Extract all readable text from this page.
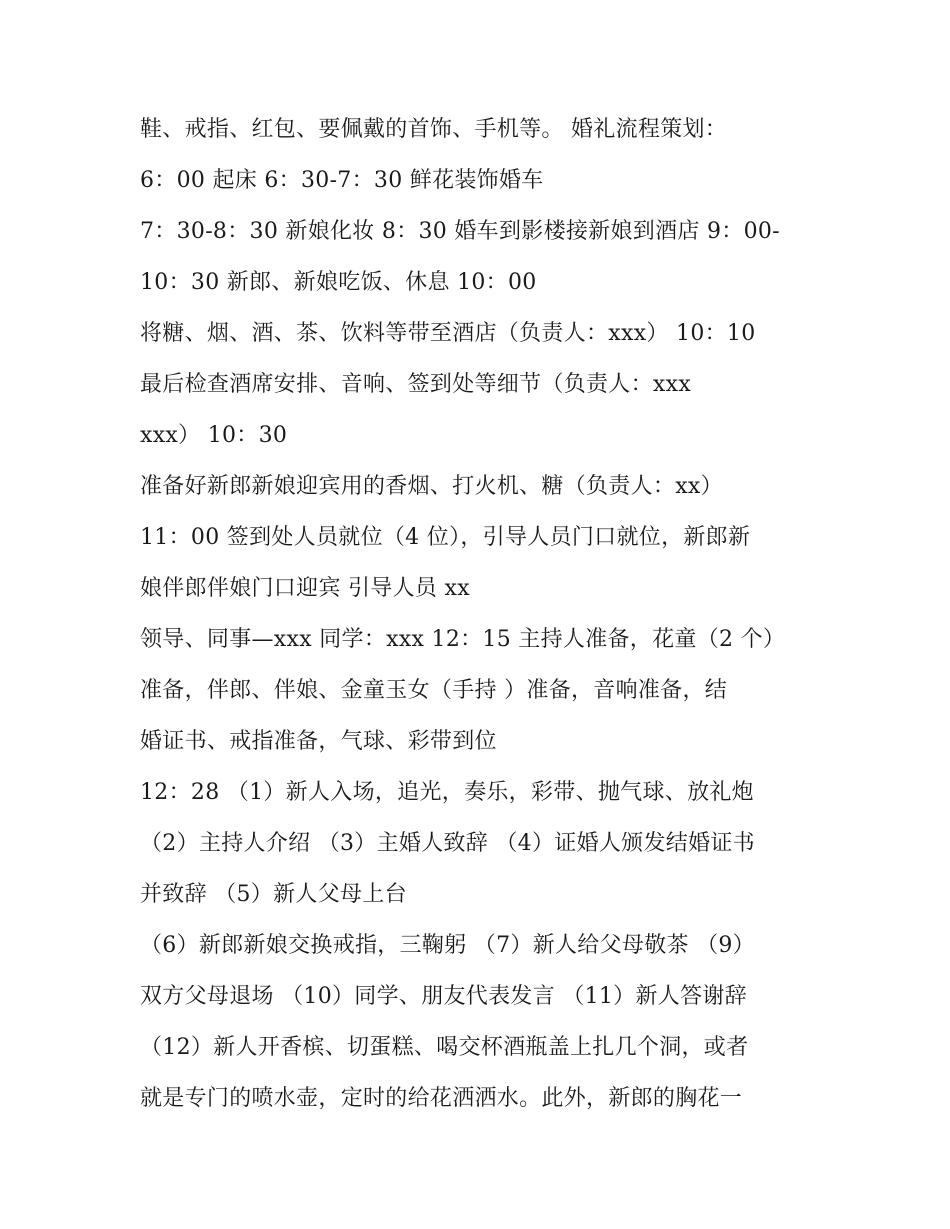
鞋、戒指、红包、要佩戴的首饰、手机等。 婚礼流程策划：
6：00 起床 6：30-7：30 鲜花装饰婚车
7：30-8：30 新娘化妆 8：30 婚车到影楼接新娘到酒店 9：00-
10：30 新郎、新娘吃饭、休息 10：00
将糖、烟、酒、茶、饮料等带至酒店（负责人：xxx） 10：10
最后检查酒席安排、音响、签到处等细节（负责人：xxx
xxx） 10：30
准备好新郎新娘迎宾用的香烟、打火机、糖（负责人：xx）
11：00 签到处人员就位（4 位），引导人员门口就位，新郎新
娘伴郎伴娘门口迎宾 引导人员 xx
领导、同事—xxx 同学：xxx 12：15 主持人准备，花童（2 个）
准备，伴郎、伴娘、金童玉女（手持 ）准备，音响准备，结
婚证书、戒指准备，气球、彩带到位
12：28 （1）新人入场，追光，奏乐，彩带、抛气球、放礼炮
（2）主持人介绍 （3）主婚人致辞 （4）证婚人颁发结婚证书
并致辞 （5）新人父母上台
（6）新郎新娘交换戒指，三鞠躬 （7）新人给父母敬茶 （9）
双方父母退场 （10）同学、朋友代表发言 （11）新人答谢辞
（12）新人开香槟、切蛋糕、喝交杯酒瓶盖上扎几个洞，或者
就是专门的喷水壶，定时的给花洒洒水。此外，新郎的胸花一
